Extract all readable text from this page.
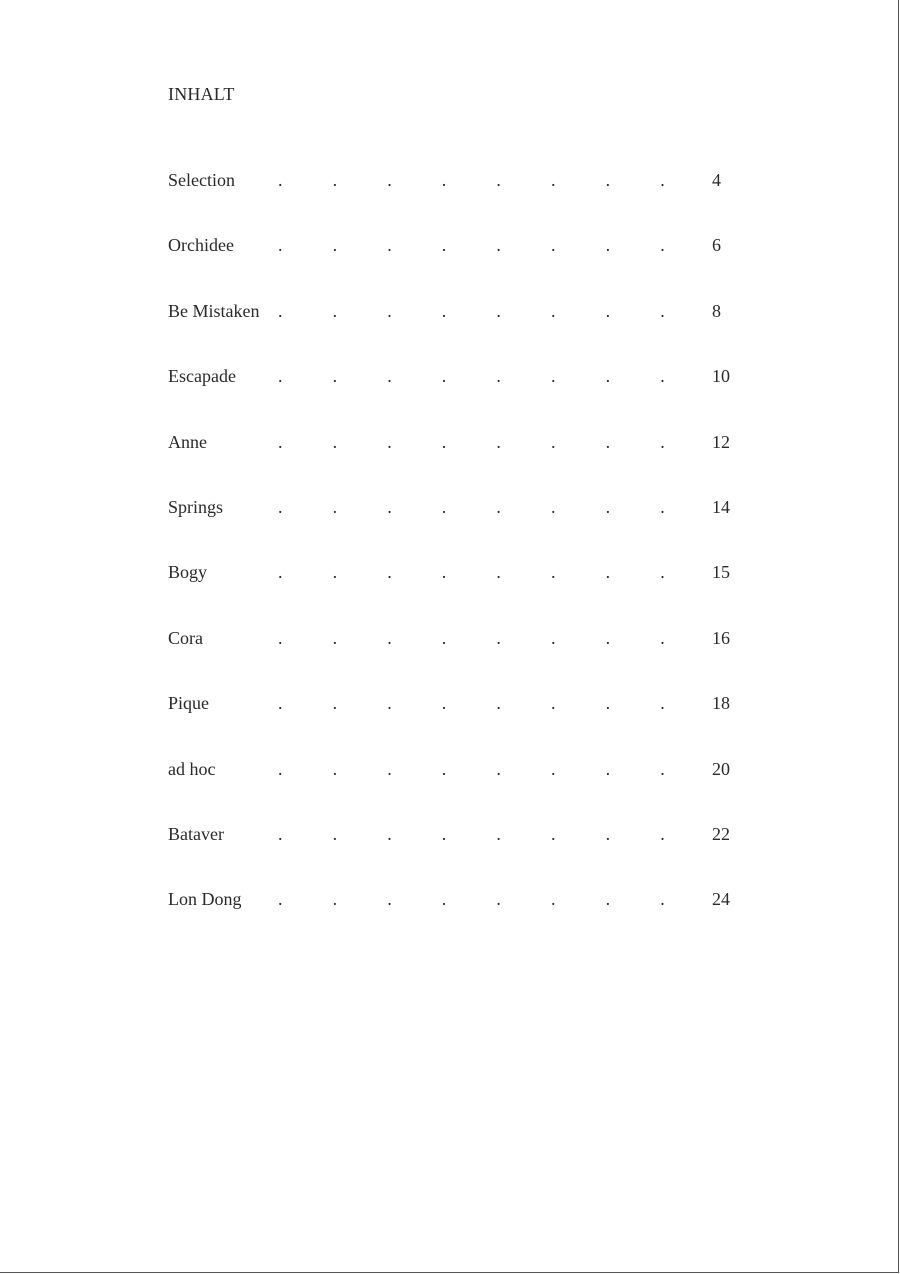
INHALT
Selection .	.	.	.	.	.	.	.	4
Orchidee .	.	.	.	.	.	.	.	6
Be Mistaken .	.	.	.	.	.	.	.	8
Escapade .	.	.	.	.	.	.	.	10
Anne	.	.	.	.	.	.	.	.	12
Springs	.	.	.	.	.	.	.	.	14
Bogy	.	.	.	.	.	.	.	.	15
Cora	.	.	.	.	.	.	.	.	16
Pique	.	.	.	.	.	.	.	.	18
ad hoc	.	.	.	.	.	.	.	.	20
Bataver	.	.	.	.	.	.	.	.	22
Lon Dong .	.	.	.	.	.	.	.	24
